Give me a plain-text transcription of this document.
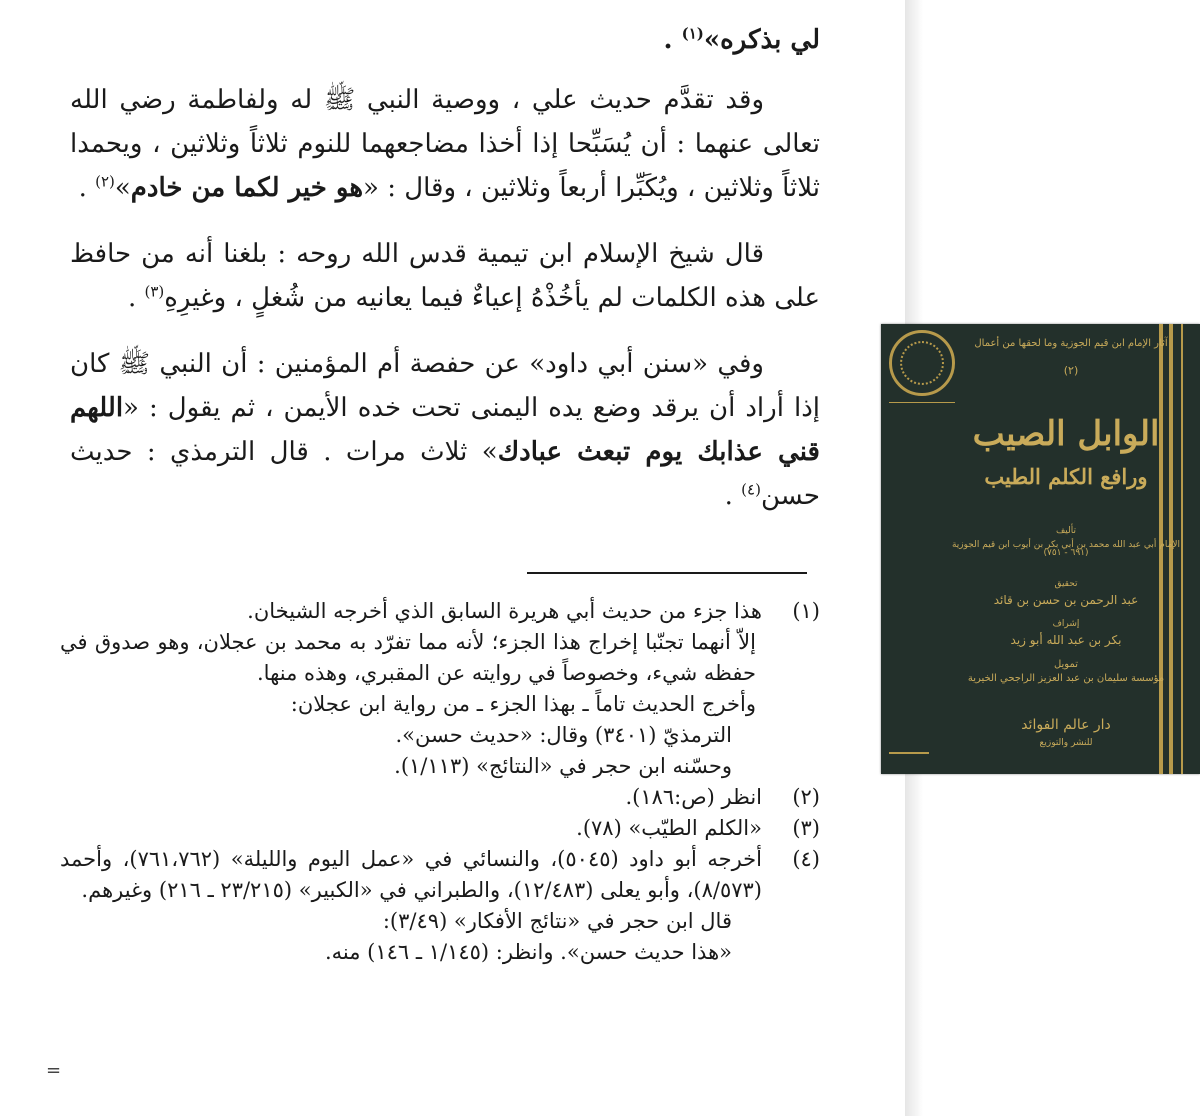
لي بذكره»$^{(١)}$ .

وقد تقدَّم حديث علي ، ووصية النبي ﷺ له ولفاطمة رضي الله تعالى عنهما : أن يُسَبِّحا إذا أخذا مضاجعهما للنوم ثلاثاً وثلاثين ، ويحمدا ثلاثاً وثلاثين ، ويُكَبِّرا أربعاً وثلاثين ، وقال : «هو خير لكما من خادم»$^{(٢)}$ .

قال شيخ الإسلام ابن تيمية قدس الله روحه : بلغنا أنه من حافظ على هذه الكلمات لم يأخُذْهُ إعياءٌ فيما يعانيه من شُغلٍ ، وغيرِهِ$^{(٣)}$ .

وفي «سنن أبي داود» عن حفصة أم المؤمنين : أن النبي ﷺ كان إذا أراد أن يرقد وضع يده اليمنى تحت خده الأيمن ، ثم يقول : «اللهم قني عذابك يوم تبعث عبادك» ثلاث مرات . قال الترمذي : حديث حسن$^{(٤)}$ .

(١)
هذا جزء من حديث أبي هريرة السابق الذي أخرجه الشيخان.
إلاّ أنهما تجنّبا إخراج هذا الجزء؛ لأنه مما تفرّد به محمد بن عجلان، وهو صدوق في حفظه شيء، وخصوصاً في روايته عن المقبري، وهذه منها.
وأخرج الحديث تاماً ـ بهذا الجزء ـ من رواية ابن عجلان:
الترمذيّ (٣٤٠١) وقال: «حديث حسن».
وحسّنه ابن حجر في «النتائج» (١/١١٣).
(٢)
انظر (ص:١٨٦).
(٣)
«الكلم الطيّب» (٧٨).
(٤)
أخرجه أبو داود (٥٠٤٥)، والنسائي في «عمل اليوم والليلة» (٧٦١،٧٦٢)، وأحمد (٨/٥٧٣)، وأبو يعلى (١٢/٤٨٣)، والطبراني في «الكبير» (٢٣/٢١٥ ـ ٢١٦) وغيرهم.
قال ابن حجر في «نتائج الأفكار» (٣/٤٩):
«هذا حديث حسن». وانظر: (١/١٤٥ ـ ١٤٦) منه.
=
آثار الإمام ابن قيم الجوزية وما لحقها من أعمال
(٢)
الوابل الصيب
ورافع الكلم الطيب
تأليف
الإمام أبي عبد الله محمد بن أبي بكر بن أيوب ابن قيم الجوزية
(٦٩١ - ٧٥١)
تحقيق
عبد الرحمن بن حسن بن قائد
إشراف
بكر بن عبد الله أبو زيد
تمويل
مؤسسة سليمان بن عبد العزيز الراجحي الخيرية
دار عالم الفوائد
للنشر والتوزيع
